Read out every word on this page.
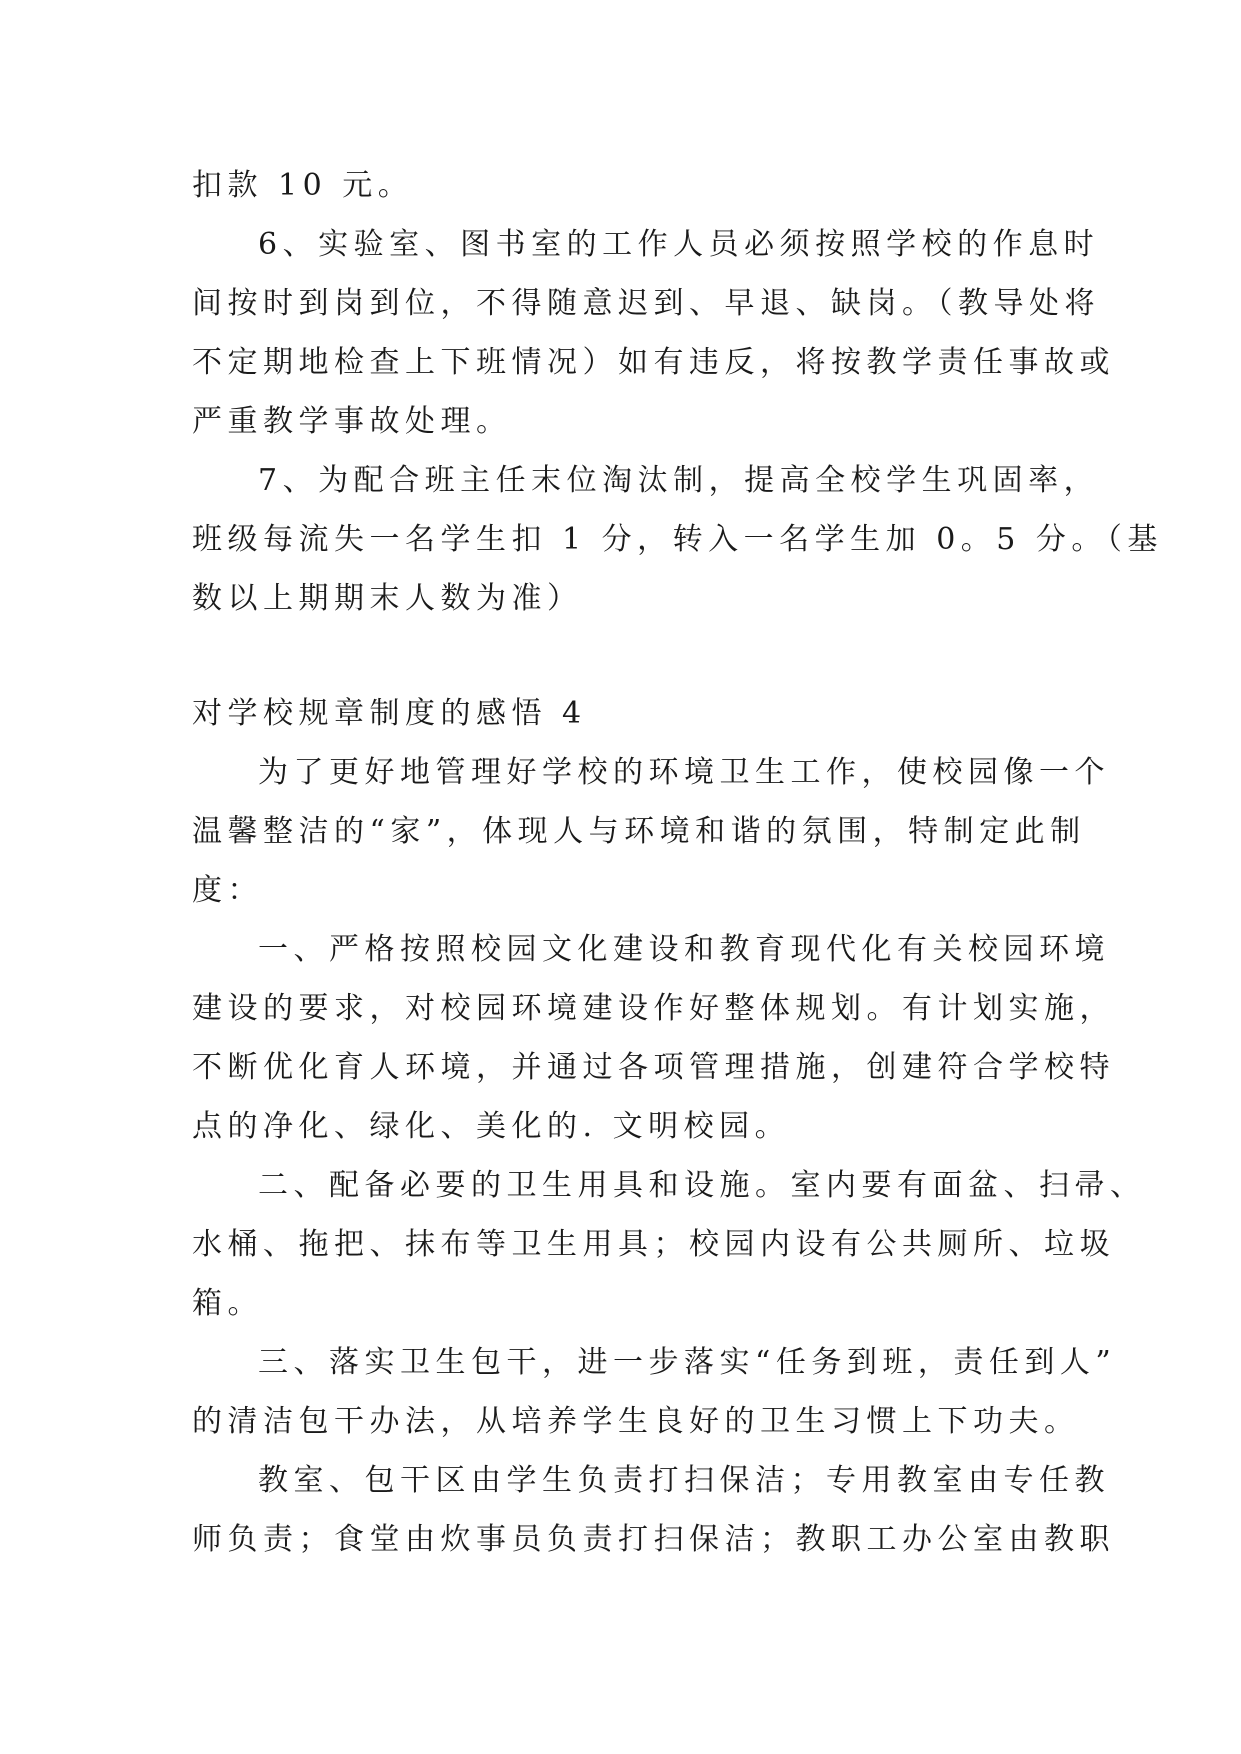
扣款 10 元。
6、实验室、图书室的工作人员必须按照学校的作息时
间按时到岗到位，不得随意迟到、早退、缺岗。（教导处将
不定期地检查上下班情况）如有违反，将按教学责任事故或
严重教学事故处理。
7、为配合班主任末位淘汰制，提高全校学生巩固率，
班级每流失一名学生扣 1 分，转入一名学生加 0。5 分。（基
数以上期期末人数为准）
对学校规章制度的感悟 4
为了更好地管理好学校的环境卫生工作，使校园像一个
温馨整洁的“家”，体现人与环境和谐的氛围，特制定此制
度：
一、严格按照校园文化建设和教育现代化有关校园环境
建设的要求，对校园环境建设作好整体规划。有计划实施，
不断优化育人环境，并通过各项管理措施，创建符合学校特
点的净化、绿化、美化的. 文明校园。
二、配备必要的卫生用具和设施。室内要有面盆、扫帚、
水桶、拖把、抹布等卫生用具；校园内设有公共厕所、垃圾
箱。
三、落实卫生包干，进一步落实“任务到班，责任到人”
的清洁包干办法，从培养学生良好的卫生习惯上下功夫。
教室、包干区由学生负责打扫保洁；专用教室由专任教
师负责；食堂由炊事员负责打扫保洁；教职工办公室由教职
